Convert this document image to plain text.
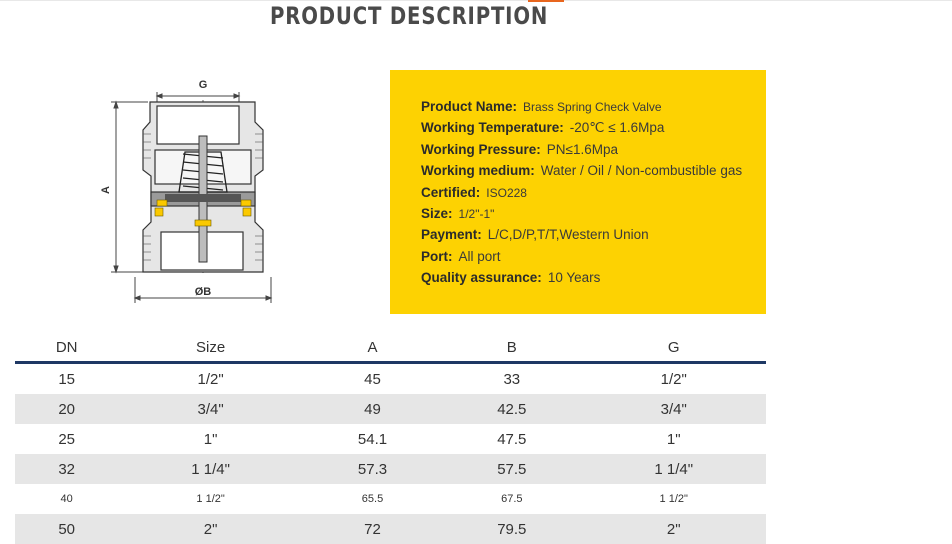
PRODUCT DESCRIPTION
G
A
ØB
Product Name: Brass Spring Check Valve
Working Temperature: -20℃ ≤ 1.6Mpa
Working Pressure: PN≤1.6Mpa
Working medium: Water / Oil / Non-combustible gas
Certified: ISO228
Size: 1/2"-1"
Payment: L/C,D/P,T/T,Western Union
Port: All port
Quality assurance: 10 Years
DN	Size	A	B	G
15	1/2"	45	33	1/2"
20	3/4"	49	42.5	3/4"
25	1"	54.1	47.5	1"
32	1 1/4"	57.3	57.5	1 1/4"
40	1 1/2"	65.5	67.5	1 1/2"
50	2"	72	79.5	2"
